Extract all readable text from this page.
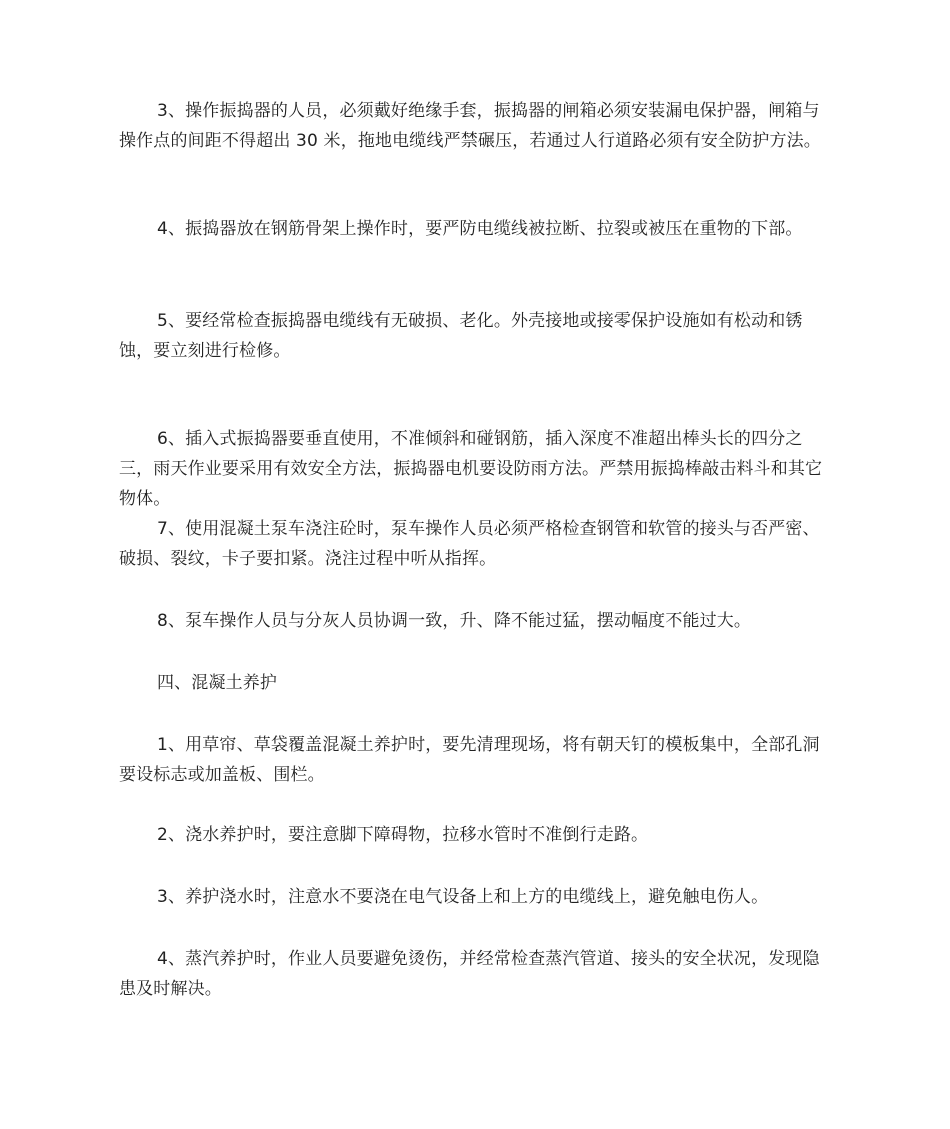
3、操作振捣器的人员，必须戴好绝缘手套，振捣器的闸箱必须安装漏电保护器，闸箱与操作点的间距不得超出 30 米，拖地电缆线严禁碾压，若通过人行道路必须有安全防护方法。

4、振捣器放在钢筋骨架上操作时，要严防电缆线被拉断、拉裂或被压在重物的下部。

5、要经常检查振捣器电缆线有无破损、老化。外壳接地或接零保护设施如有松动和锈蚀，要立刻进行检修。

6、插入式振捣器要垂直使用，不准倾斜和碰钢筋，插入深度不准超出棒头长的四分之三，雨天作业要采用有效安全方法，振捣器电机要设防雨方法。严禁用振捣棒敲击料斗和其它物体。

7、使用混凝土泵车浇注砼时，泵车操作人员必须严格检查钢管和软管的接头与否严密、破损、裂纹，卡子要扣紧。浇注过程中听从指挥。

8、泵车操作人员与分灰人员协调一致，升、降不能过猛，摆动幅度不能过大。

四、混凝土养护

1、用草帘、草袋覆盖混凝土养护时，要先清理现场，将有朝天钉的模板集中，全部孔洞要设标志或加盖板、围栏。

2、浇水养护时，要注意脚下障碍物，拉移水管时不准倒行走路。

3、养护浇水时，注意水不要浇在电气设备上和上方的电缆线上，避免触电伤人。

4、蒸汽养护时，作业人员要避免烫伤，并经常检查蒸汽管道、接头的安全状况，发现隐患及时解决。
